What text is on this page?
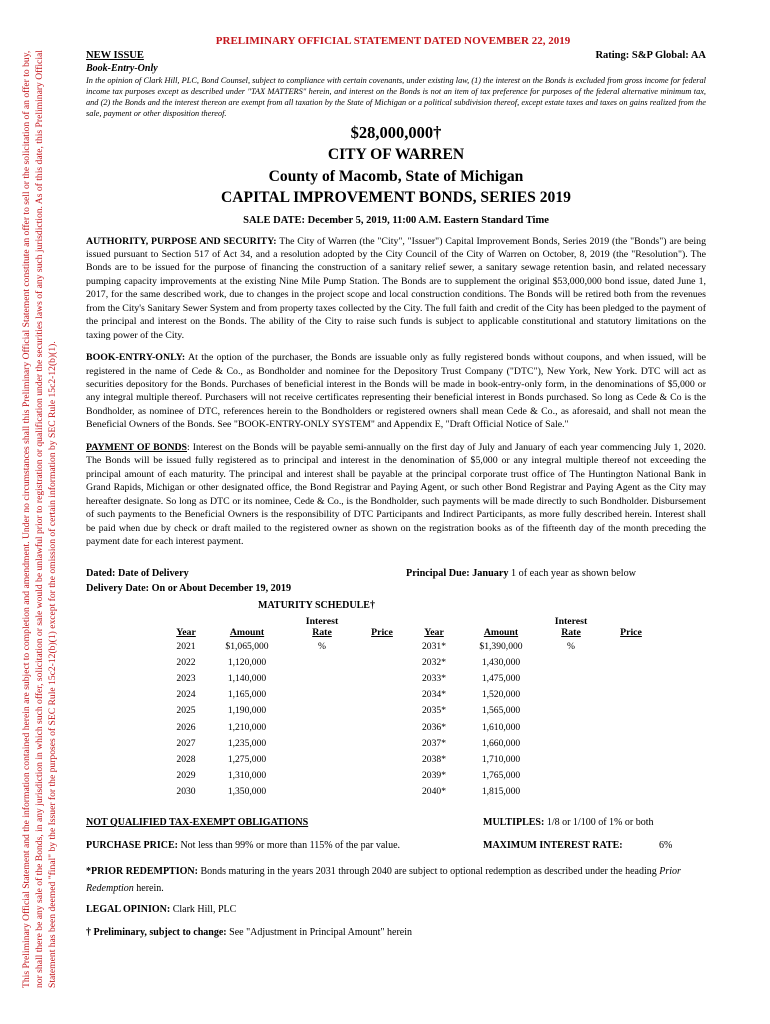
This Preliminary Official Statement and the information contained herein are subject to completion and amendment. Under no circumstances shall this Preliminary Official Statement constitute an offer to sell or the solicitation of an offer to buy, nor shall there be any sale of the Bonds, in any jurisdiction in which such offer, solicitation or sale would be unlawful prior to registration or qualification under the securities laws of any such jurisdiction. As of this date, this Preliminary Official Statement has been deemed "final" by the Issuer for the purposes of SEC Rule 15c2-12(b)(1) except for the omission of certain information by SEC Rule 15c2-12(b)(1).
PRELIMINARY OFFICIAL STATEMENT DATED NOVEMBER 22, 2019
NEW ISSUE	Rating: S&P Global: AA
Book-Entry-Only
In the opinion of Clark Hill, PLC, Bond Counsel, subject to compliance with certain covenants, under existing law, (1) the interest on the Bonds is excluded from gross income for federal income tax purposes except as described under "TAX MATTERS" herein, and interest on the Bonds is not an item of tax preference for purposes of the federal alternative minimum tax, and (2) the Bonds and the interest thereon are exempt from all taxation by the State of Michigan or a political subdivision thereof, except estate taxes and taxes on gains realized from the sale, payment or other disposition thereof.
$28,000,000†
CITY OF WARREN
County of Macomb, State of Michigan
CAPITAL IMPROVEMENT BONDS, SERIES 2019
SALE DATE: December 5, 2019, 11:00 A.M. Eastern Standard Time
AUTHORITY, PURPOSE AND SECURITY: The City of Warren (the "City", "Issuer") Capital Improvement Bonds, Series 2019 (the "Bonds") are being issued pursuant to Section 517 of Act 34, and a resolution adopted by the City Council of the City of Warren on October, 8, 2019 (the "Resolution"). The Bonds are to be issued for the purpose of financing the construction of a sanitary relief sewer, a sanitary sewage retention basin, and related necessary pumping capacity improvements at the existing Nine Mile Pump Station. The Bonds are to supplement the original $53,000,000 bond issue, dated June 1, 2017, for the same described work, due to changes in the project scope and local construction conditions. The Bonds will be retired both from the revenues from the City's Sanitary Sewer System and from property taxes collected by the City. The full faith and credit of the City has been pledged to the payment of the principal and interest on the Bonds. The ability of the City to raise such funds is subject to applicable constitutional and statutory limitations on the taxing power of the City.
BOOK-ENTRY-ONLY: At the option of the purchaser, the Bonds are issuable only as fully registered bonds without coupons, and when issued, will be registered in the name of Cede & Co., as Bondholder and nominee for the Depository Trust Company ("DTC"), New York, New York. DTC will act as securities depository for the Bonds. Purchases of beneficial interest in the Bonds will be made in book-entry-only form, in the denominations of $5,000 or any integral multiple thereof. Purchasers will not receive certificates representing their beneficial interest in Bonds purchased. So long as Cede & Co is the Bondholder, as nominee of DTC, references herein to the Bondholders or registered owners shall mean Cede & Co., as aforesaid, and shall not mean the Beneficial Owners of the Bonds. See "BOOK-ENTRY-ONLY SYSTEM" and Appendix E, "Draft Official Notice of Sale."
PAYMENT OF BONDS: Interest on the Bonds will be payable semi-annually on the first day of July and January of each year commencing July 1, 2020. The Bonds will be issued fully registered as to principal and interest in the denomination of $5,000 or any integral multiple thereof not exceeding the principal amount of each maturity. The principal and interest shall be payable at the principal corporate trust office of The Huntington National Bank in Grand Rapids, Michigan or other designated office, the Bond Registrar and Paying Agent, or such other Bond Registrar and Paying Agent as the City may hereafter designate. So long as DTC or its nominee, Cede & Co., is the Bondholder, such payments will be made directly to such Bondholder. Disbursement of such payments to the Beneficial Owners is the responsibility of DTC Participants and Indirect Participants, as more fully described herein. Interest shall be paid when due by check or draft mailed to the registered owner as shown on the registration books as of the fifteenth day of the month preceding the payment date for each interest payment.
Dated: Date of Delivery
Delivery Date: On or About December 19, 2019
Principal Due: January 1 of each year as shown below
MATURITY SCHEDULE†
Year	Amount	Interest
Rate	Price	Year	Amount	Interest
Rate	Price
2021	$1,065,000	%		2031*	$1,390,000	%	
2022	1,120,000			2032*	1,430,000		
2023	1,140,000			2033*	1,475,000		
2024	1,165,000			2034*	1,520,000		
2025	1,190,000			2035*	1,565,000		
2026	1,210,000			2036*	1,610,000		
2027	1,235,000			2037*	1,660,000		
2028	1,275,000			2038*	1,710,000		
2029	1,310,000			2039*	1,765,000		
2030	1,350,000			2040*	1,815,000		
NOT QUALIFIED TAX-EXEMPT OBLIGATIONS	MULTIPLES: 1/8 or 1/100 of 1% or both
PURCHASE PRICE: Not less than 99% or more than 115% of the par value.	MAXIMUM INTEREST RATE:	6%
*PRIOR REDEMPTION: Bonds maturing in the years 2031 through 2040 are subject to optional redemption as described under the heading Prior Redemption herein.
LEGAL OPINION: Clark Hill, PLC
† Preliminary, subject to change: See "Adjustment in Principal Amount" herein
